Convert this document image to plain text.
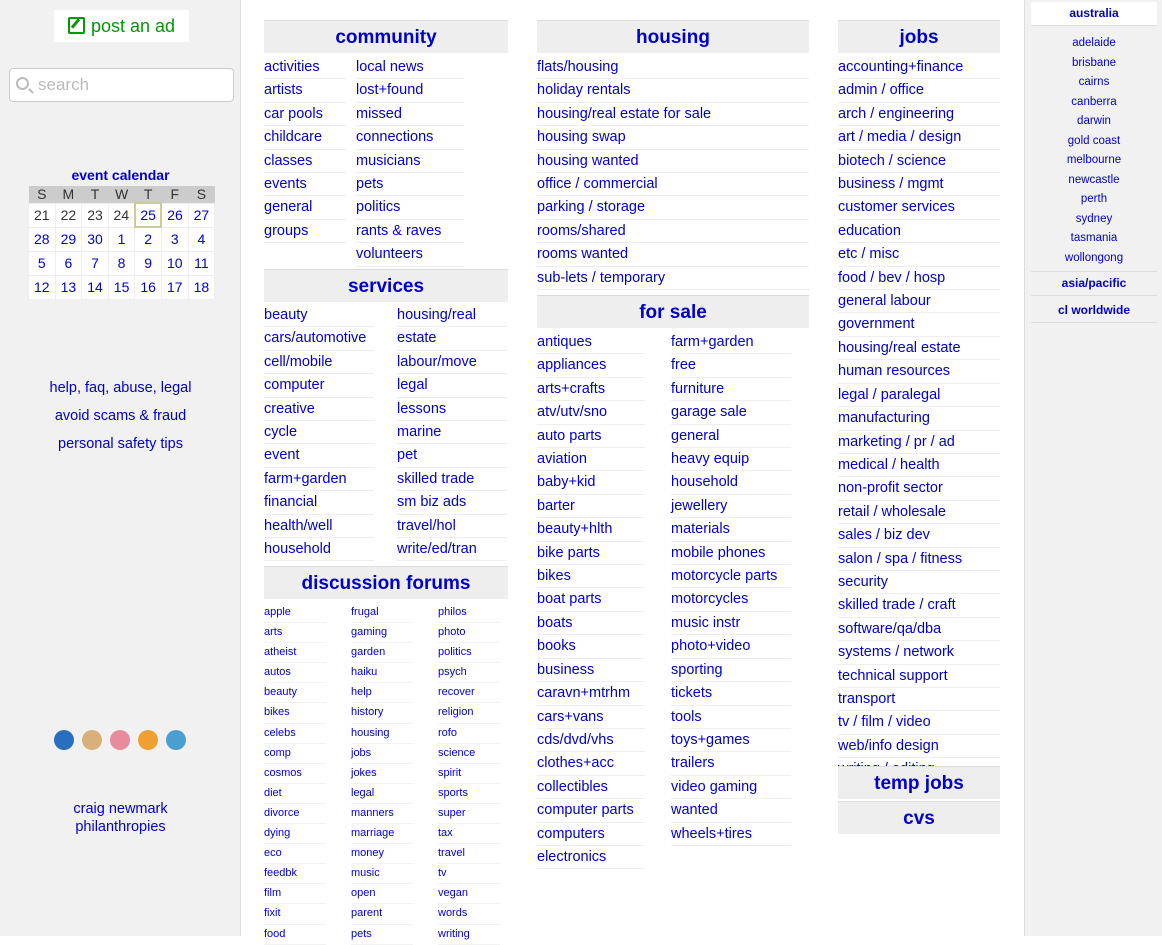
post an ad
search
event calendar
S	M	T	W	T	F	S
21	22	23	24	25	26	27
28	29	30	1	2	3	4
5	6	7	8	9	10	11
12	13	14	15	16	17	18
help, faq, abuse, legal
avoid scams & fraud
personal safety tips
craig newmark
philanthropies
community
activities
artists
car pools
childcare
classes
events
general
groups
local news
lost+found
missed
connections
musicians
pets
politics
rants & raves
volunteers
services
beauty
cars/automotive
cell/mobile
computer
creative
cycle
event
farm+garden
financial
health/well
household
housing/real
estate
labour/move
legal
lessons
marine
pet
skilled trade
sm biz ads
travel/hol
write/ed/tran
discussion forums
apple
arts
atheist
autos
beauty
bikes
celebs
comp
cosmos
diet
divorce
dying
eco
feedbk
film
fixit
food
frugal
gaming
garden
haiku
help
history
housing
jobs
jokes
legal
manners
marriage
money
music
open
parent
pets
philos
photo
politics
psych
recover
religion
rofo
science
spirit
sports
super
tax
travel
tv
vegan
words
writing
housing
flats/housing
holiday rentals
housing/real estate for sale
housing swap
housing wanted
office / commercial
parking / storage
rooms/shared
rooms wanted
sub-lets / temporary
for sale
antiques
appliances
arts+crafts
atv/utv/sno
auto parts
aviation
baby+kid
barter
beauty+hlth
bike parts
bikes
boat parts
boats
books
business
caravn+mtrhm
cars+vans
cds/dvd/vhs
clothes+acc
collectibles
computer parts
computers
electronics
farm+garden
free
furniture
garage sale
general
heavy equip
household
jewellery
materials
mobile phones
motorcycle parts
motorcycles
music instr
photo+video
sporting
tickets
tools
toys+games
trailers
video gaming
wanted
wheels+tires
jobs
accounting+finance
admin / office
arch / engineering
art / media / design
biotech / science
business / mgmt
customer services
education
etc / misc
food / bev / hosp
general labour
government
housing/real estate
human resources
legal / paralegal
manufacturing
marketing / pr / ad
medical / health
non-profit sector
retail / wholesale
sales / biz dev
salon / spa / fitness
security
skilled trade / craft
software/qa/dba
systems / network
technical support
transport
tv / film / video
web/info design
temp jobs
cvs
australia
adelaide
brisbane
cairns
canberra
darwin
gold coast
melbourne
newcastle
perth
sydney
tasmania
wollongong
asia/pacific
cl worldwide
